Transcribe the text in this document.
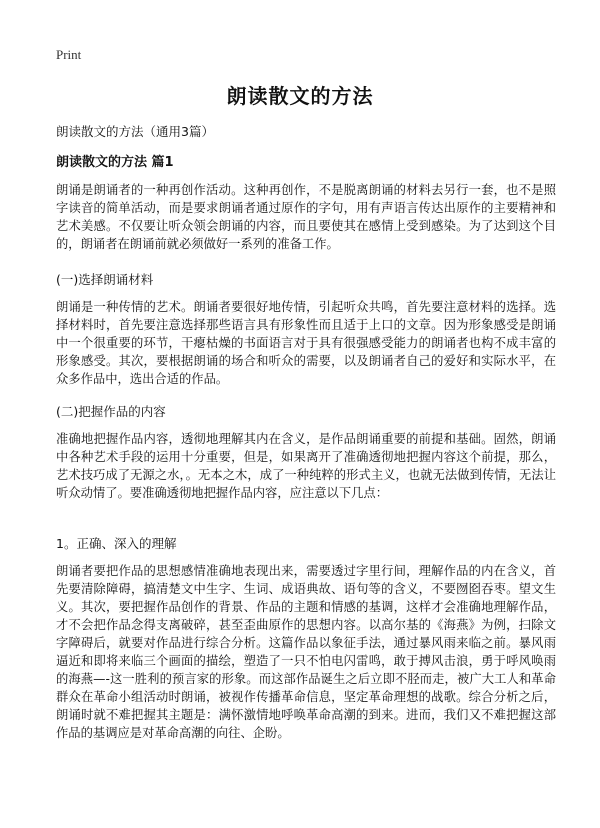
Print
朗读散文的方法
朗读散文的方法（通用3篇）
朗读散文的方法 篇1
朗诵是朗诵者的一种再创作活动。这种再创作，不是脱离朗诵的材料去另行一套，也不是照字读音的简单活动，而是要求朗诵者通过原作的字句，用有声语言传达出原作的主要精神和艺术美感。不仅要让听众领会朗诵的内容，而且要使其在感情上受到感染。为了达到这个目的，朗诵者在朗诵前就必须做好一系列的准备工作。
(一)选择朗诵材料
朗诵是一种传情的艺术。朗诵者要很好地传情，引起听众共鸣，首先要注意材料的选择。选择材料时，首先要注意选择那些语言具有形象性而且适于上口的文章。因为形象感受是朗诵中一个很重要的环节，干瘪枯燥的书面语言对于具有很强感受能力的朗诵者也构不成丰富的形象感受。其次，要根据朗诵的场合和听众的需要，以及朗诵者自己的爱好和实际水平，在众多作品中，选出合适的作品。
(二)把握作品的内容
准确地把握作品内容，透彻地理解其内在含义，是作品朗诵重要的前提和基础。固然，朗诵中各种艺术手段的运用十分重要，但是，如果离开了准确透彻地把握内容这个前提，那么，艺术技巧成了无源之水，。无本之木，成了一种纯粹的形式主义，也就无法做到传情，无法让听众动情了。要准确透彻地把握作品内容，应注意以下几点：
1。正确、深入的理解
朗诵者要把作品的思想感情准确地表现出来，需要透过字里行间，理解作品的内在含义，首先要清除障碍，搞清楚文中生字、生词、成语典故、语句等的含义，不要囫囵吞枣。望文生义。其次，要把握作品创作的背景、作品的主题和情感的基调，这样才会准确地理解作品，才不会把作品念得支离破碎，甚至歪曲原作的思想内容。以高尔基的《海燕》为例，扫除文字障碍后，就要对作品进行综合分析。这篇作品以象征手法，通过暴风雨来临之前。暴风雨逼近和即将来临三个画面的描绘，塑造了一只不怕电闪雷鸣，敢于搏风击浪，勇于呼风唤雨的海燕—-这一胜利的预言家的形象。而这部作品诞生之后立即不胫而走，被广大工人和革命群众在革命小组活动时朗诵，被视作传播革命信息，坚定革命理想的战歌。综合分析之后，朗诵时就不难把握其主题是：满怀激情地呼唤革命高潮的到来。进而，我们又不难把握这部作品的基调应是对革命高潮的向往、企盼。
